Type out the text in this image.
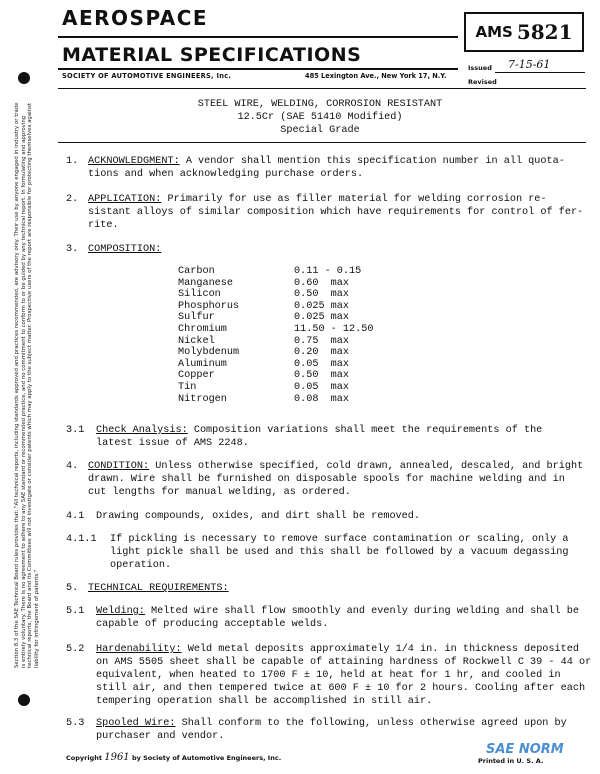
Section 8.3 of the SAE Technical Board rules provides that: "All technical reports, including standards approved and practices recommended, are advisory only. Their use by anyone engaged in industry or trade is entirely voluntary. There is no agreement to adhere to any SAE standard or recommended practice, and no commitment to conform to or be guided by any technical report. In formulating and approving technical reports, the Board and its Committees will not investigate or consider patents which may apply to the subject matter. Prospective users of the report are responsible for protecting themselves against liability for infringement of patents."
AEROSPACE
MATERIAL SPECIFICATIONS
SOCIETY OF AUTOMOTIVE ENGINEERS, Inc.	485 Lexington Ave., New York 17, N.Y.
AMS 5821
Issued 7-15-61
Revised
STEEL WIRE, WELDING, CORROSION RESISTANT
12.5Cr (SAE 51410 Modified)
Special Grade
1. ACKNOWLEDGMENT: A vendor shall mention this specification number in all quota-
tions and when acknowledging purchase orders.
2. APPLICATION: Primarily for use as filler material for welding corrosion re-
sistant alloys of similar composition which have requirements for control of fer-
rite.
3. COMPOSITION:
Carbon	0.11 - 0.15
Manganese	0.60  max
Silicon	0.50  max
Phosphorus	0.025 max
Sulfur	0.025 max
Chromium	11.50 - 12.50
Nickel	0.75  max
Molybdenum	0.20  max
Aluminum	0.05  max
Copper	0.50  max
Tin	0.05  max
Nitrogen	0.08  max
3.1 Check Analysis: Composition variations shall meet the requirements of the
latest issue of AMS 2248.
4. CONDITION: Unless otherwise specified, cold drawn, annealed, descaled, and bright
drawn. Wire shall be furnished on disposable spools for machine welding and in
cut lengths for manual welding, as ordered.
4.1 Drawing compounds, oxides, and dirt shall be removed.
4.1.1 If pickling is necessary to remove surface contamination or scaling, only a
light pickle shall be used and this shall be followed by a vacuum degassing
operation.
5. TECHNICAL REQUIREMENTS:
5.1 Welding: Melted wire shall flow smoothly and evenly during welding and shall be
capable of producing acceptable welds.
5.2 Hardenability: Weld metal deposits approximately 1/4 in. in thickness deposited
on AMS 5505 sheet shall be capable of attaining hardness of Rockwell C 39 - 44 or
equivalent, when heated to 1700 F ± 10, held at heat for 1 hr, and cooled in
still air, and then tempered twice at 600 F ± 10 for 2 hours. Cooling after each
tempering operation shall be accomplished in still air.
5.3 Spooled Wire: Shall conform to the following, unless otherwise agreed upon by
purchaser and vendor.
Copyright 1961 by Society of Automotive Engineers, Inc.	Printed in U. S. A.
SAE NORM
